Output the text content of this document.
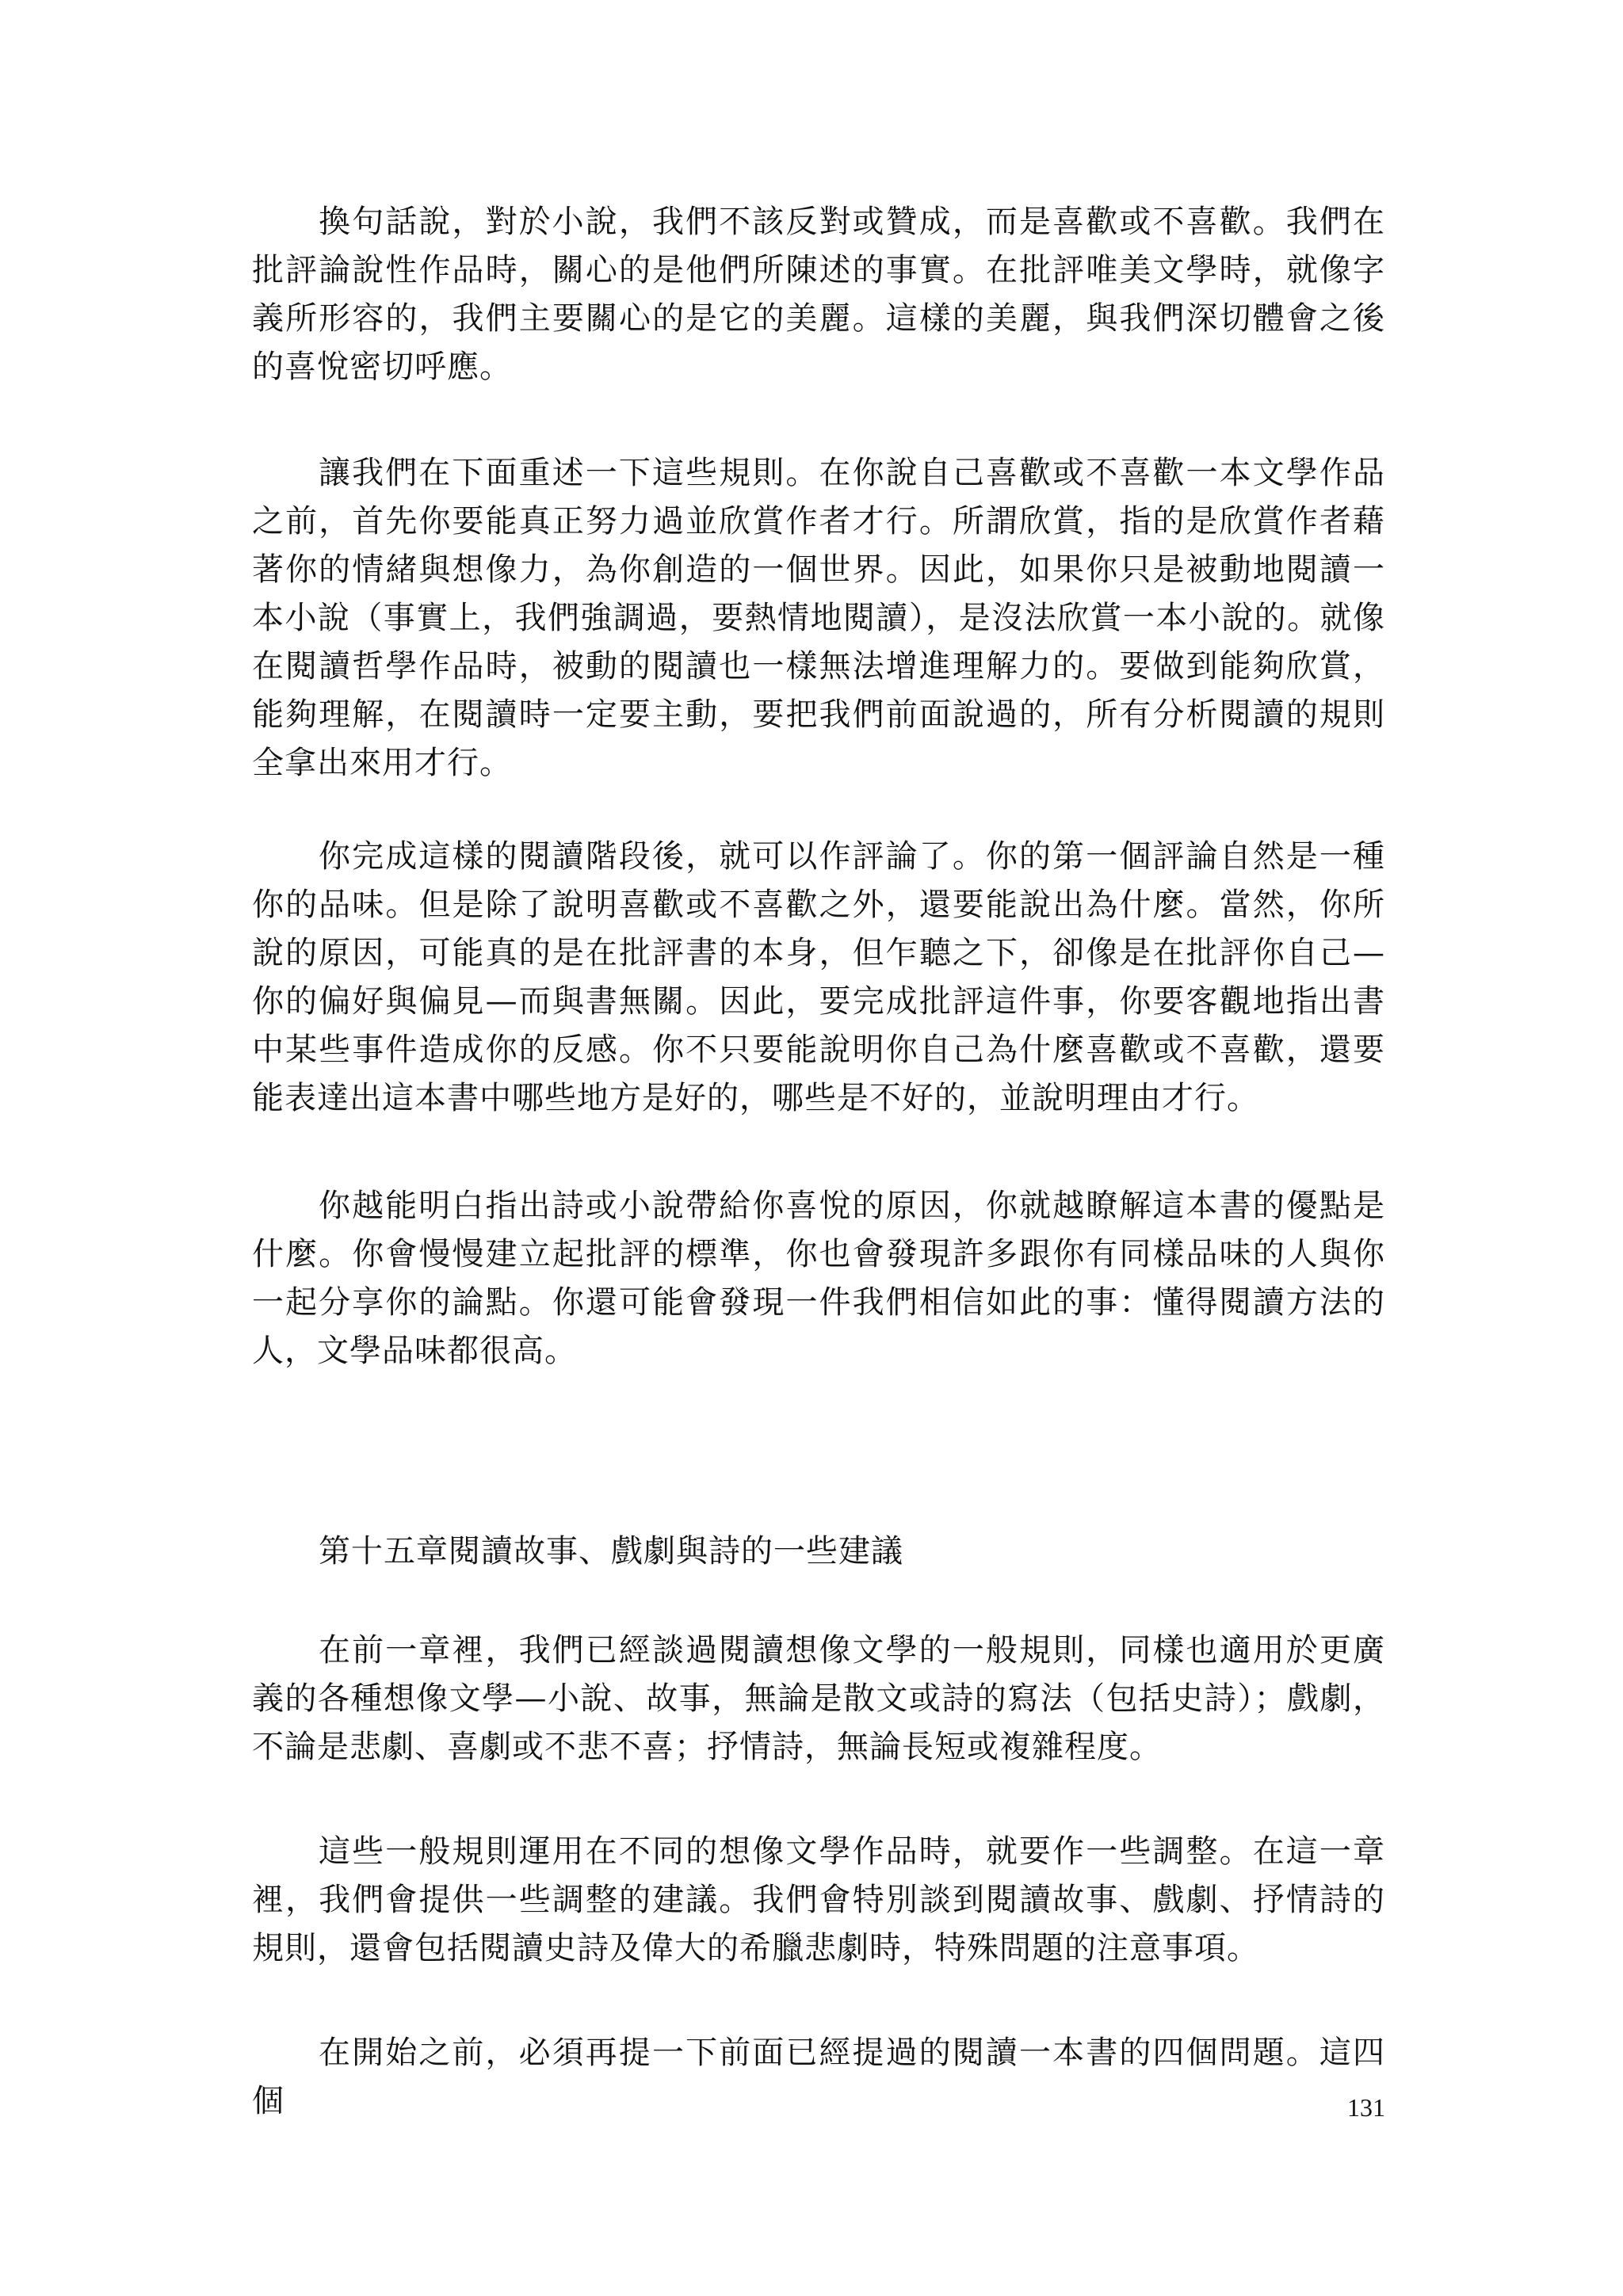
換句話說，對於小說，我們不該反對或贊成，而是喜歡或不喜歡。我們在批評論說性作品時，關心的是他們所陳述的事實。在批評唯美文學時，就像字義所形容的，我們主要關心的是它的美麗。這樣的美麗，與我們深切體會之後的喜悅密切呼應。

讓我們在下面重述一下這些規則。在你說自己喜歡或不喜歡一本文學作品之前，首先你要能真正努力過並欣賞作者才行。所謂欣賞，指的是欣賞作者藉著你的情緒與想像力，為你創造的一個世界。因此，如果你只是被動地閱讀一本小說（事實上，我們強調過，要熱情地閱讀），是沒法欣賞一本小說的。就像在閱讀哲學作品時，被動的閱讀也一樣無法增進理解力的。要做到能夠欣賞，能夠理解，在閱讀時一定要主動，要把我們前面說過的，所有分析閱讀的規則全拿出來用才行。

你完成這樣的閱讀階段後，就可以作評論了。你的第一個評論自然是一種你的品味。但是除了說明喜歡或不喜歡之外，還要能說出為什麼。當然，你所說的原因，可能真的是在批評書的本身，但乍聽之下，卻像是在批評你自己—你的偏好與偏見—而與書無關。因此，要完成批評這件事，你要客觀地指出書中某些事件造成你的反感。你不只要能說明你自己為什麼喜歡或不喜歡，還要能表達出這本書中哪些地方是好的，哪些是不好的，並說明理由才行。

你越能明白指出詩或小說帶給你喜悅的原因，你就越瞭解這本書的優點是什麼。你會慢慢建立起批評的標準，你也會發現許多跟你有同樣品味的人與你一起分享你的論點。你還可能會發現一件我們相信如此的事：懂得閱讀方法的人，文學品味都很高。

第十五章閱讀故事、戲劇與詩的一些建議

在前一章裡，我們已經談過閱讀想像文學的一般規則，同樣也適用於更廣義的各種想像文學—小說、故事，無論是散文或詩的寫法（包括史詩）；戲劇，不論是悲劇、喜劇或不悲不喜；抒情詩，無論長短或複雜程度。

這些一般規則運用在不同的想像文學作品時，就要作一些調整。在這一章裡，我們會提供一些調整的建議。我們會特別談到閱讀故事、戲劇、抒情詩的規則，還會包括閱讀史詩及偉大的希臘悲劇時，特殊問題的注意事項。

在開始之前，必須再提一下前面已經提過的閱讀一本書的四個問題。這四個	131
